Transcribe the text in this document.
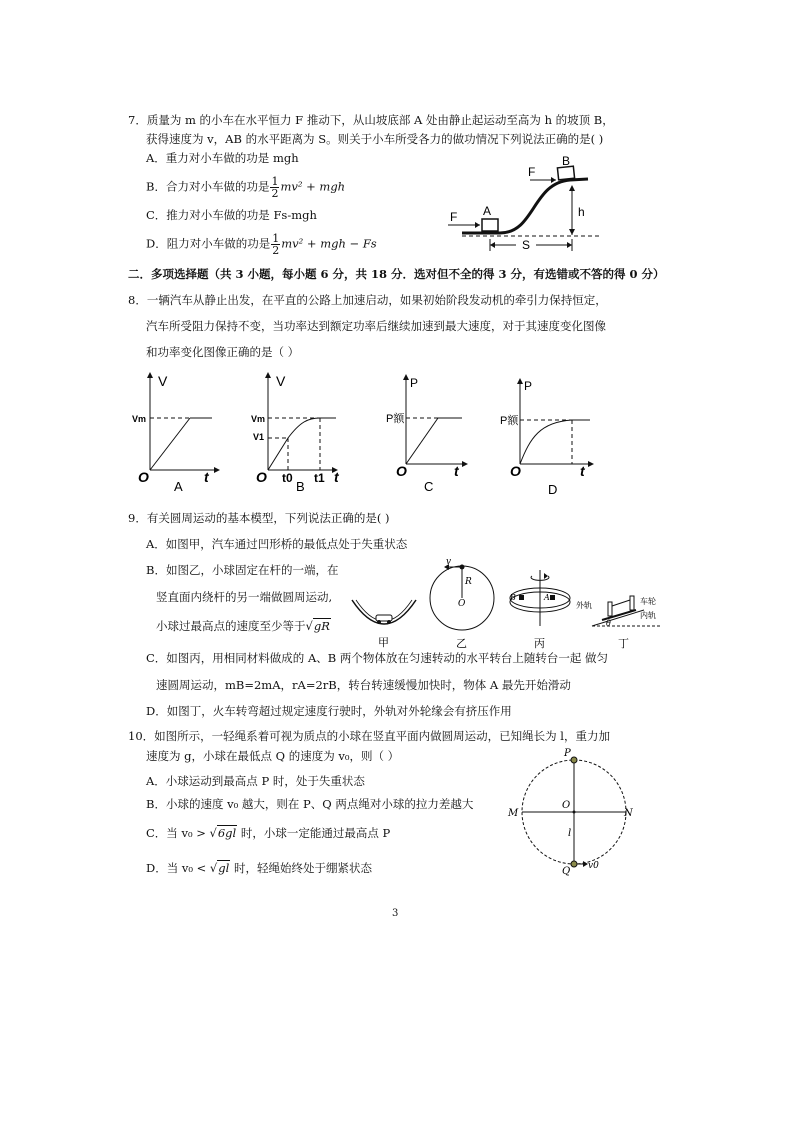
7．质量为 m 的小车在水平恒力 F 推动下，从山坡底部 A 处由静止起运动至高为 h 的坡顶 B，
获得速度为 v，AB 的水平距离为 S。则关于小车所受各力的做功情况下列说法正确的是( )
A．重力对小车做的功是 mgh
B．合力对小车做的功是 $\frac{1}{2} mv^2$ + mgh
C．推力对小车做的功是 Fs-mgh
D．阻力对小车做的功是 $\frac{1}{2} mv^2$ + mgh − Fs
F
F
A
B
h
S
二．多项选择题（共 3 小题，每小题 6 分，共 18 分．选对但不全的得 3 分，有选错或不答的得 0 分）
8．一辆汽车从静止出发，在平直的公路上加速启动，如果初始阶段发动机的牵引力保持恒定，
汽车所受阻力保持不变，当功率达到额定功率后继续加速到最大速度，对于其速度变化图像
和功率变化图像正确的是（ ）
V
Vm
O	t
A
V
Vm
V1
O t0 t1 t
B
P
P额
O	t
C
P
P额
O	t
D
9．有关圆周运动的基本模型，下列说法正确的是( )
A．如图甲，汽车通过凹形桥的最低点处于失重状态
B．如图乙，小球固定在杆的一端，在
竖直面内绕杆的另一端做圆周运动,
小球过最高点的速度至少等于√gR
C．如图丙，用相同材料做成的 A、B 两个物体放在匀速转动的水平转台上随转台一起 做匀
速圆周运动，mB=2mA，rA=2rB，转台转速缓慢加快时，物体 A 最先开始滑动
D．如图丁，火车转弯超过规定速度行驶时，外轨对外轮缘会有挤压作用
甲
v
R
O
乙
B	A
丙
外轨	车轮
内轨
θ
丁
10．如图所示，一轻绳系着可视为质点的小球在竖直平面内做圆周运动，已知绳长为 l，重力加
速度为 g，小球在最低点 Q 的速度为 v₀，则（ ）
A．小球运动到最高点 P 时，处于失重状态
B．小球的速度 v₀ 越大，则在 P、Q 两点绳对小球的拉力差越大
C．当 v₀ > √6gl 时，小球一定能通过最高点 P
D．当 v₀ < √gl 时，轻绳始终处于绷紧状态
P
Q
M	N
O
l
v0
3
